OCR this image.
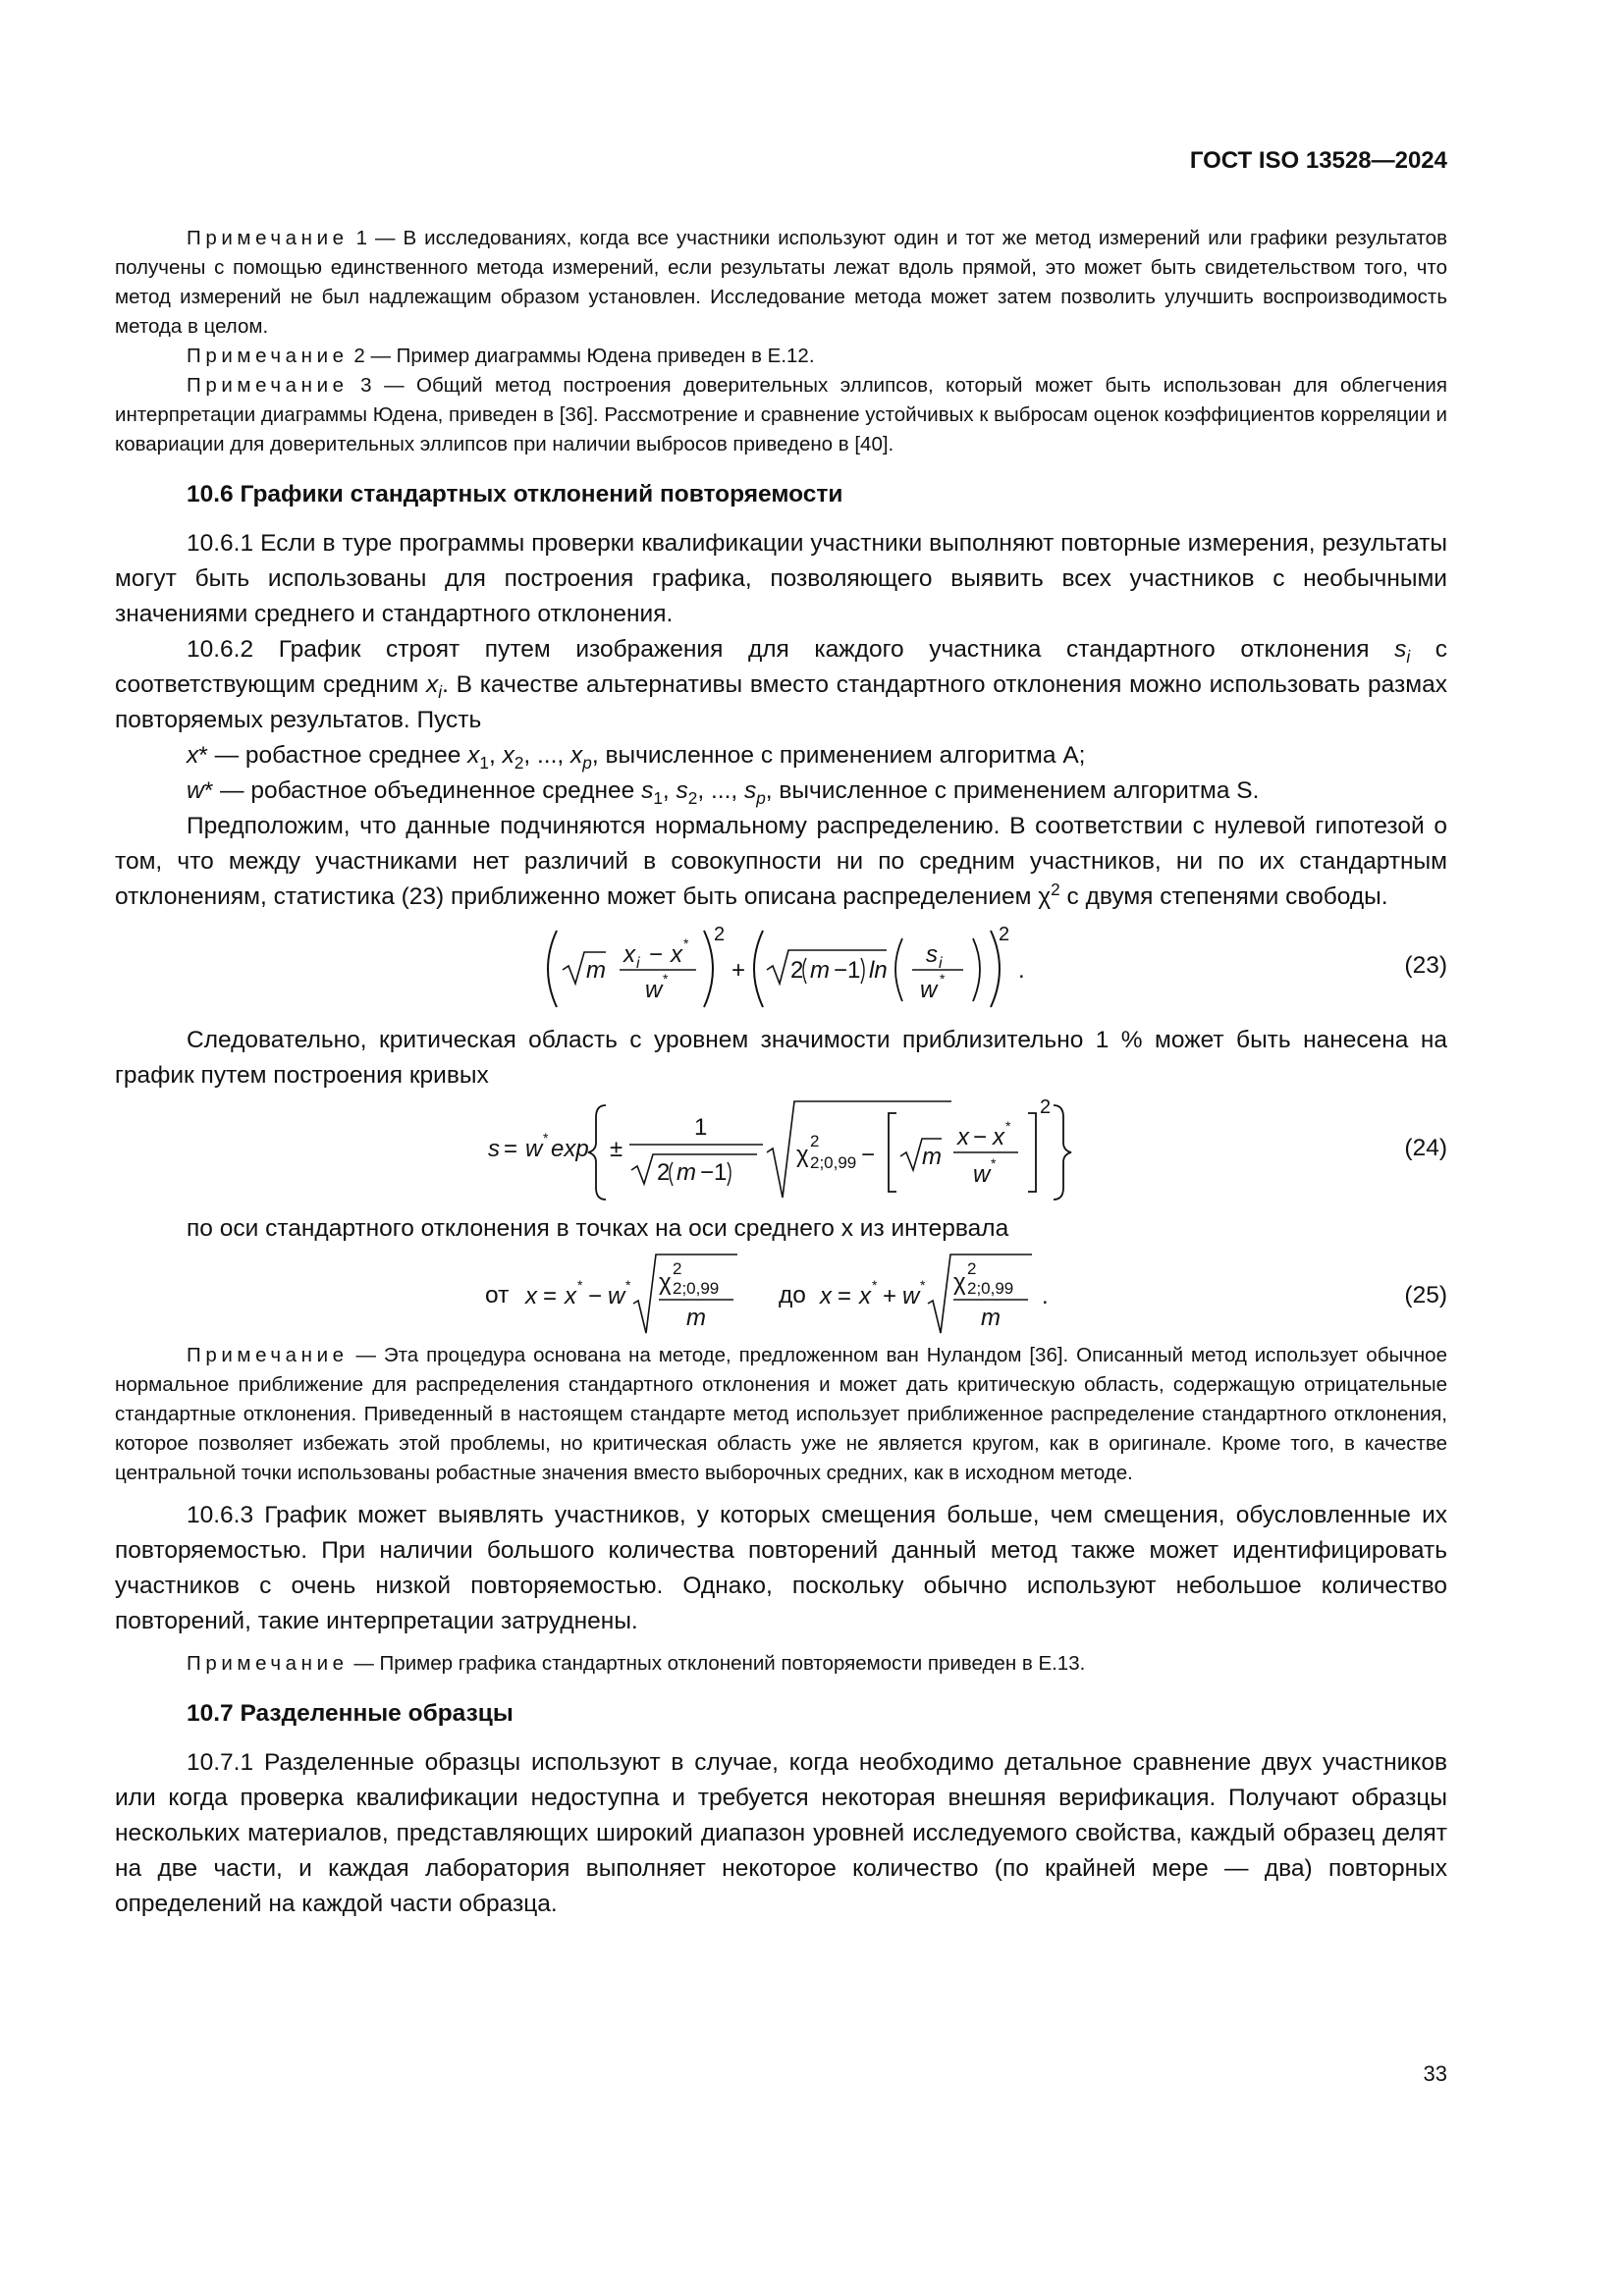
ГОСТ ISO 13528—2024

Примечание 1 — В исследованиях, когда все участники используют один и тот же метод измерений или графики результатов получены с помощью единственного метода измерений, если результаты лежат вдоль прямой, это может быть свидетельством того, что метод измерений не был надлежащим образом установлен. Исследование метода может затем позволить улучшить воспроизводимость метода в целом.

Примечание 2 — Пример диаграммы Юдена приведен в Е.12.

Примечание 3 — Общий метод построения доверительных эллипсов, который может быть использован для облегчения интерпретации диаграммы Юдена, приведен в [36]. Рассмотрение и сравнение устойчивых к выбросам оценок коэффициентов корреляции и ковариации для доверительных эллипсов при наличии выбросов приведено в [40].

10.6 Графики стандартных отклонений повторяемости

10.6.1 Если в туре программы проверки квалификации участники выполняют повторные измерения, результаты могут быть использованы для построения графика, позволяющего выявить всех участников с необычными значениями среднего и стандартного отклонения.

10.6.2 График строят путем изображения для каждого участника стандартного отклонения $s_i$ с соответствующим средним $x_i$. В качестве альтернативы вместо стандартного отклонения можно использовать размах повторяемых результатов. Пусть

x* — робастное среднее $x_1$, $x_2$, ..., $x_p$, вычисленное с применением алгоритма А;

w* — робастное объединенное среднее $s_1$, $s_2$, ..., $s_p$, вычисленное с применением алгоритма S.

Предположим, что данные подчиняются нормальному распределению. В соответствии с нулевой гипотезой о том, что между участниками нет различий в совокупности ни по средним участников, ни по их стандартным отклонениям, статистика (23) приближенно может быть описана распределением $\chi^2$ с двумя степенями свободы.

m
x i − x *
w *
2
+ 2 m −1 ln
s i
w *
2
.	(23)

Следовательно, критическая область с уровнем значимости приблизительно 1 % может быть нанесена на график путем построения кривых

s = w * exp ±
1
2 m −1
χ
2
2;0,99 − m
x − x *
w *
2
(24)

по оси стандартного отклонения в точках на оси среднего x из интервала

от	до
x = x * − w * χ
2
2;0,99
m
x = x * + w * χ
2
2;0,99
m
.	(25)

Примечание — Эта процедура основана на методе, предложенном ван Нуландом [36]. Описанный метод использует обычное нормальное приближение для распределения стандартного отклонения и может дать критическую область, содержащую отрицательные стандартные отклонения. Приведенный в настоящем стандарте метод использует приближенное распределение стандартного отклонения, которое позволяет избежать этой проблемы, но критическая область уже не является кругом, как в оригинале. Кроме того, в качестве центральной точки использованы робастные значения вместо выборочных средних, как в исходном методе.

10.6.3 График может выявлять участников, у которых смещения больше, чем смещения, обусловленные их повторяемостью. При наличии большого количества повторений данный метод также может идентифицировать участников с очень низкой повторяемостью. Однако, поскольку обычно используют небольшое количество повторений, такие интерпретации затруднены.

Примечание — Пример графика стандартных отклонений повторяемости приведен в Е.13.

10.7 Разделенные образцы

10.7.1 Разделенные образцы используют в случае, когда необходимо детальное сравнение двух участников или когда проверка квалификации недоступна и требуется некоторая внешняя верификация. Получают образцы нескольких материалов, представляющих широкий диапазон уровней исследуемого свойства, каждый образец делят на две части, и каждая лаборатория выполняет некоторое количество (по крайней мере — два) повторных определений на каждой части образца.

33
